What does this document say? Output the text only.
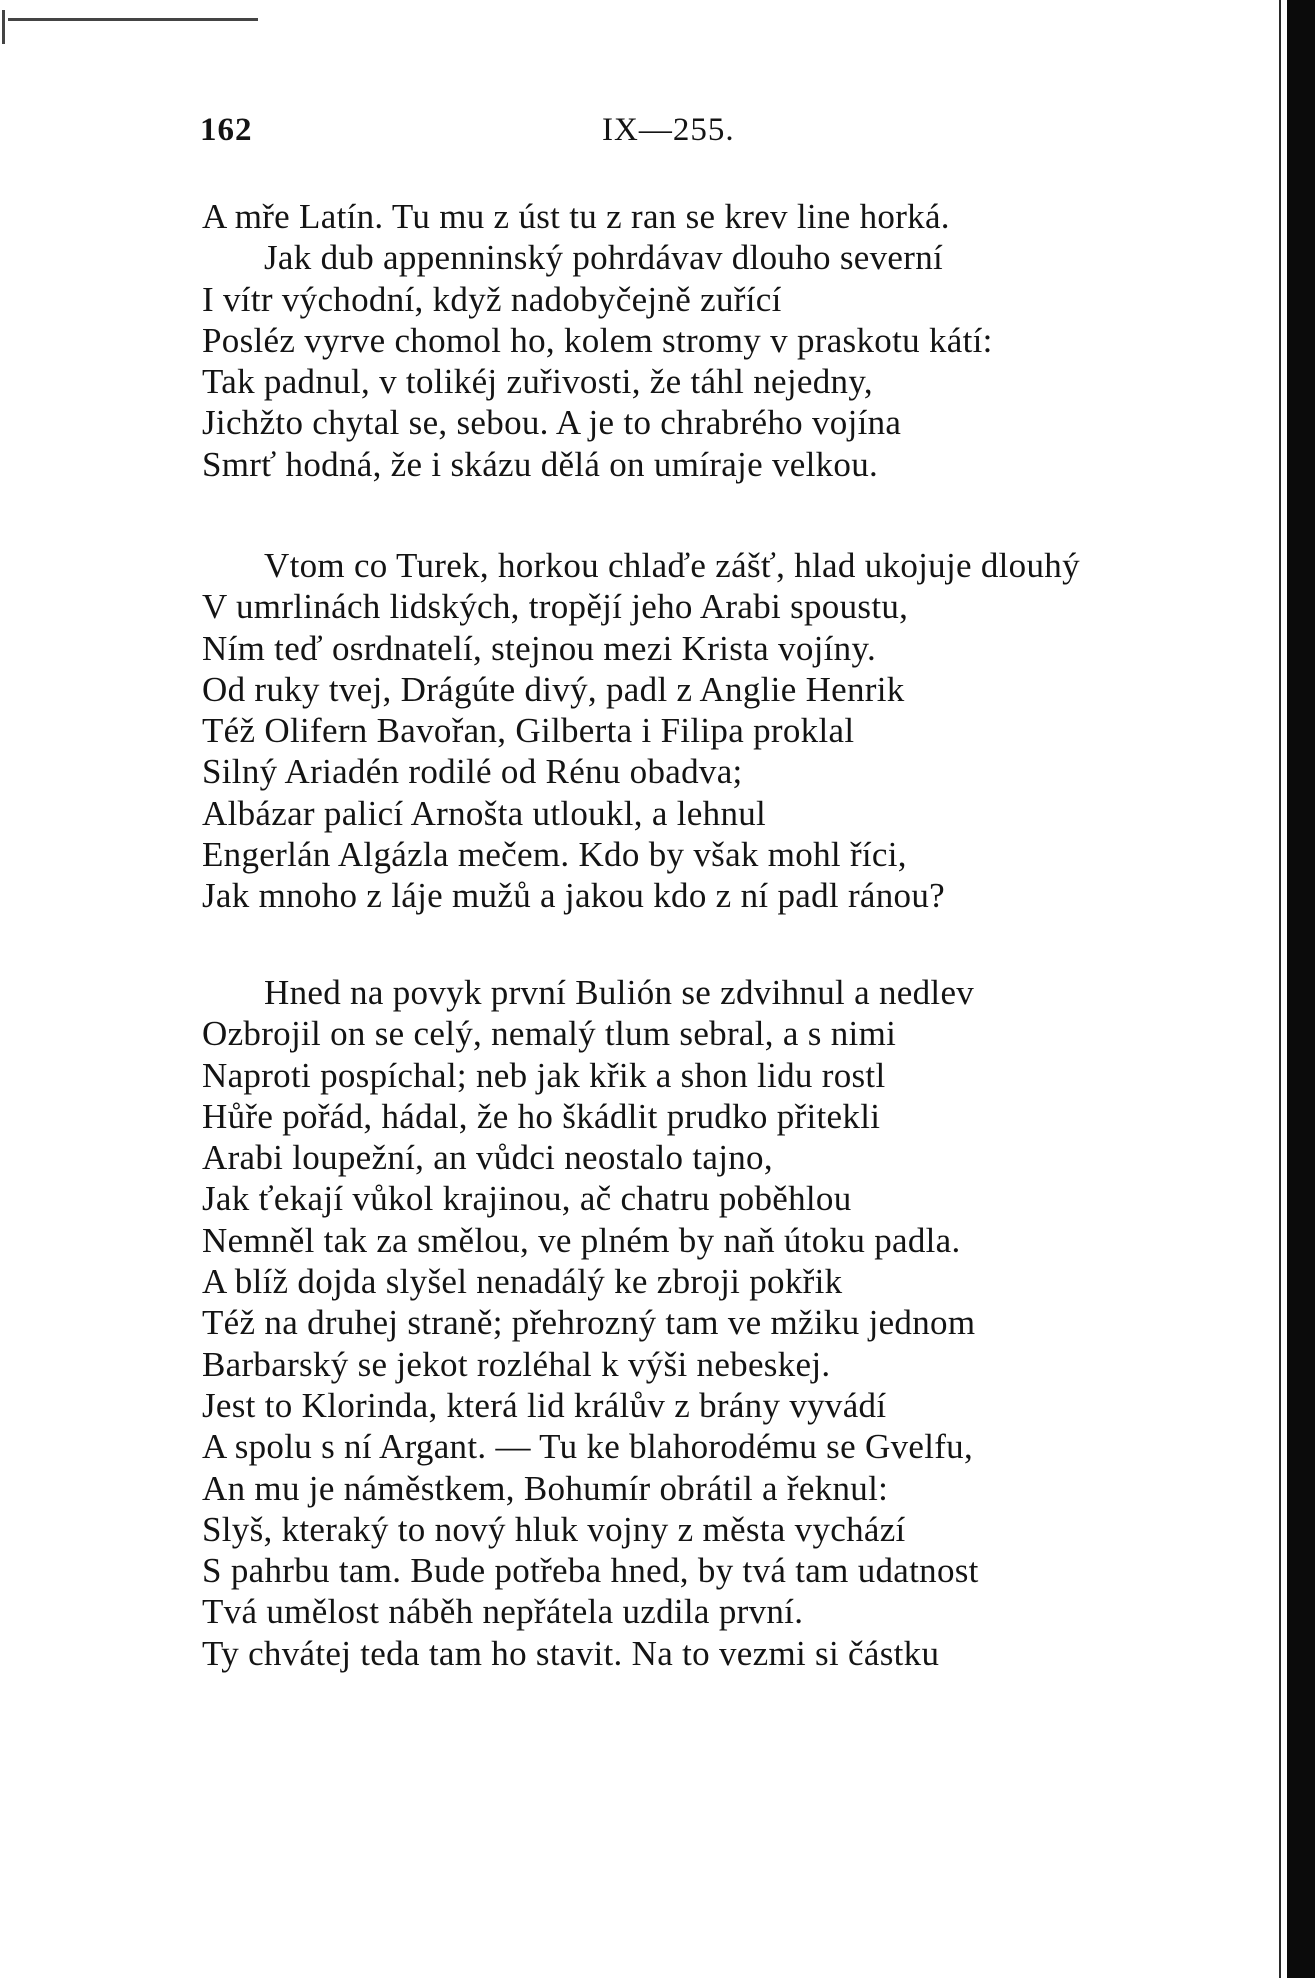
162	IX—255.
A mře Latín. Tu mu z úst tu z ran se krev line horká.
Jak dub appenninský pohrdávav dlouho severní
I vítr východní, když nadobyčejně zuřící
Posléz vyrve chomol ho, kolem stromy v praskotu kátí:
Tak padnul, v tolikéj zuřivosti, že táhl nejedny,
Jichžto chytal se, sebou. A je to chrabrého vojína
Smrť hodná, že i skázu dělá on umíraje velkou.
Vtom co Turek, horkou chlaďe zášť, hlad ukojuje dlouhý
V umrlinách lidských, tropějí jeho Arabi spoustu,
Ním teď osrdnatelí, stejnou mezi Krista vojíny.
Od ruky tvej, Drágúte divý, padl z Anglie Henrik
Též Olifern Bavořan, Gilberta i Filipa proklal
Silný Ariadén rodilé od Rénu obadva;
Albázar palicí Arnošta utloukl, a lehnul
Engerlán Algázla mečem. Kdo by však mohl říci,
Jak mnoho z láje mužů a jakou kdo z ní padl ránou?
Hned na povyk první Bulión se zdvihnul a nedlev
Ozbrojil on se celý, nemalý tlum sebral, a s nimi
Naproti pospíchal; neb jak křik a shon lidu rostl
Hůře pořád, hádal, že ho škádlit prudko přitekli
Arabi loupežní, an vůdci neostalo tajno,
Jak ťekají vůkol krajinou, ač chatru poběhlou
Nemněl tak za smělou, ve plném by naň útoku padla.
A blíž dojda slyšel nenadálý ke zbroji pokřik
Též na druhej straně; přehrozný tam ve mžiku jednom
Barbarský se jekot rozléhal k výši nebeskej.
Jest to Klorinda, která lid králův z brány vyvádí
A spolu s ní Argant. — Tu ke blahorodému se Gvelfu,
An mu je náměstkem, Bohumír obrátil a řeknul:
Slyš, kteraký to nový hluk vojny z města vychází
S pahrbu tam. Bude potřeba hned, by tvá tam udatnost
Tvá umělost náběh nepřátela uzdila první.
Ty chvátej teda tam ho stavit. Na to vezmi si částku
